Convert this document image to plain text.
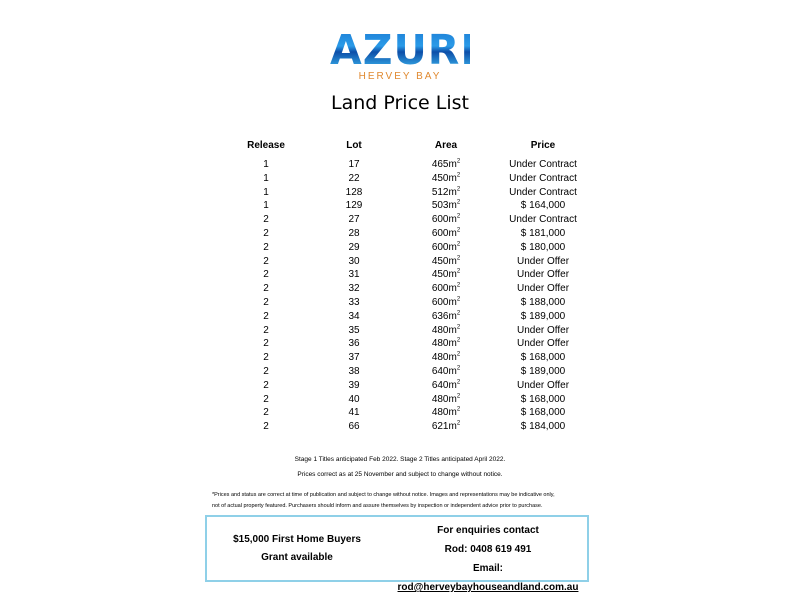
AZURE
HERVEY BAY
Land Price List
Release	Lot	Area	Price
1	17	$465m^2$	Under Contract
1	22	$450m^2$	Under Contract
1	128	$512m^2$	Under Contract
1	129	$503m^2$	$ 164,000
2	27	$600m^2$	Under Contract
2	28	$600m^2$	$ 181,000
2	29	$600m^2$	$ 180,000
2	30	$450m^2$	Under Offer
2	31	$450m^2$	Under Offer
2	32	$600m^2$	Under Offer
2	33	$600m^2$	$ 188,000
2	34	$636m^2$	$ 189,000
2	35	$480m^2$	Under Offer
2	36	$480m^2$	Under Offer
2	37	$480m^2$	$ 168,000
2	38	$640m^2$	$ 189,000
2	39	$640m^2$	Under Offer
2	40	$480m^2$	$ 168,000
2	41	$480m^2$	$ 168,000
2	66	$621m^2$	$ 184,000
Stage 1 Titles anticipated Feb 2022. Stage 2 Titles anticipated April 2022.
Prices correct as at 25 November and subject to change without notice.
*Prices and status are correct at time of publication and subject to change without notice. Images and representations may be indicative only,
not of actual property featured. Purchasers should inform and assure themselves by inspection or independent advice prior to purchase.
$15,000 First Home Buyers
Grant available
For enquiries contact
Rod: 0408 619 491
Email: rod@herveybayhouseandland.com.au
